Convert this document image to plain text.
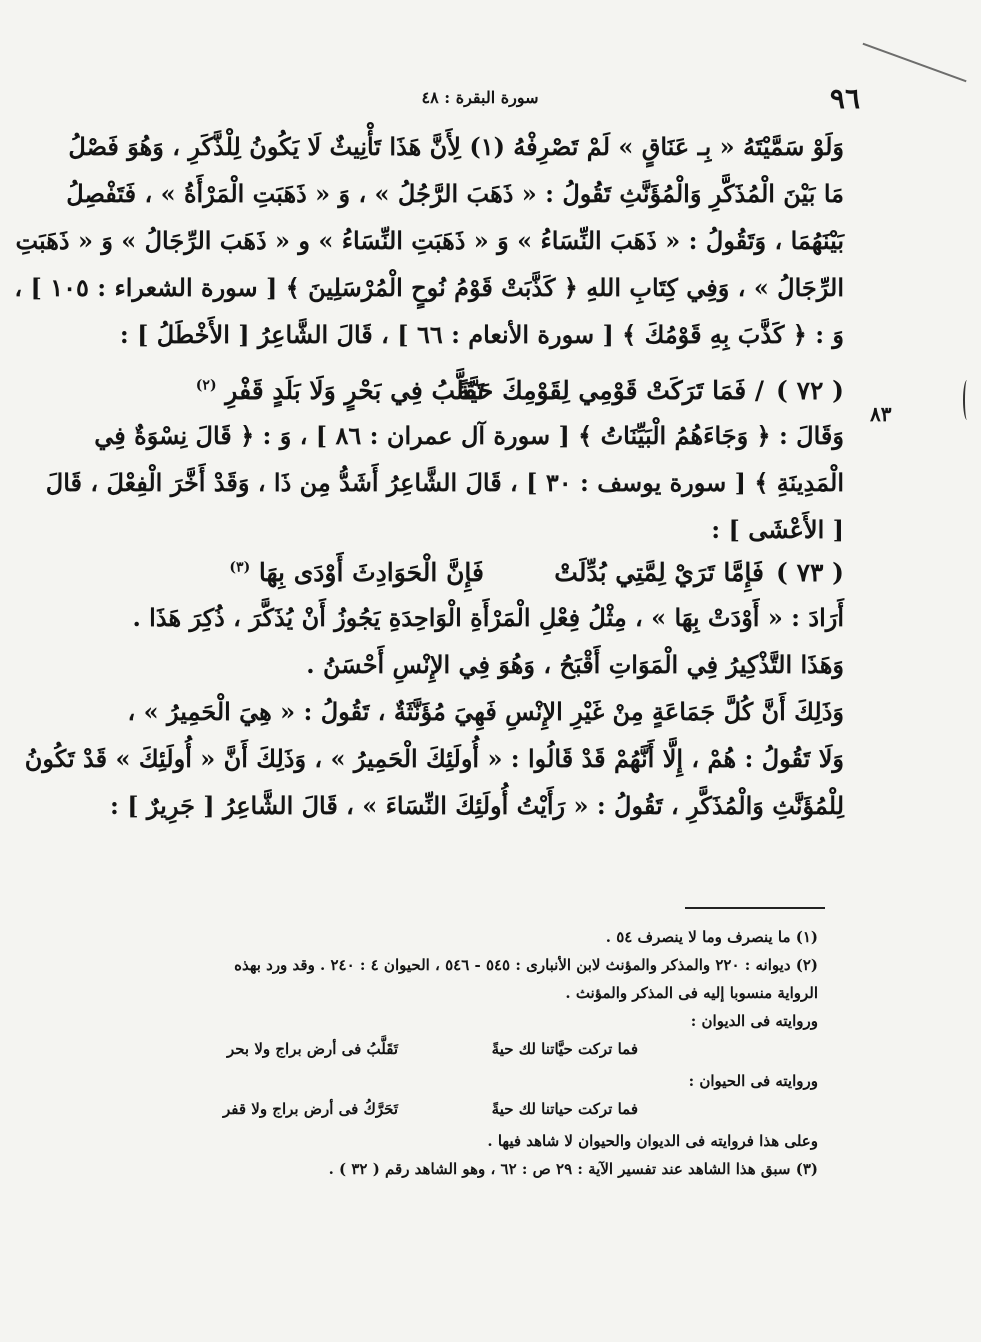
٩٦
سورة البقرة : ٤٨
٨٣
وَلَوْ سَمَّيْتَهُ « بِـ عَنَاقٍ » لَمْ تَصْرِفْهُ (١) لِأَنَّ هَذَا تَأْنِيثٌ لَا يَكُونُ لِلْذَّكَرِ ، وَهُوَ فَصْلُ
مَا بَيْنَ الْمُذَكَّرِ وَالْمُؤَنَّثِ تَقُولُ : « ذَهَبَ الرَّجُلُ » ، وَ « ذَهَبَتِ الْمَرْأَةُ » ، فَتَفْصِلُ
بَيْنَهُمَا ، وَتَقُولُ : « ذَهَبَ النِّسَاءُ » وَ « ذَهَبَتِ النِّسَاءُ » و « ذَهَبَ الرِّجَالُ » وَ « ذَهَبَتِ
الرِّجَالُ » ، وَفِي كِتَابِ اللهِ ﴿ كَذَّبَتْ قَوْمُ نُوحٍ الْمُرْسَلِينَ ﴾ [ سورة الشعراء : ١٠٥ ] ،
وَ : ﴿ كَذَّبَ بِهِ قَوْمُكَ ﴾ [ سورة الأنعام : ٦٦ ] ، قَالَ الشَّاعِرُ [ الأَخْطَلُ ] :
( ٧٢ )
/ فَمَا تَرَكَتْ قَوْمِي لِقَوْمِكَ حَيَّةً
تَقَلَّبُ فِي بَحْرٍ وَلَا بَلَدٍ قَفْرِ $^{(٢)}$
وَقَالَ : ﴿ وَجَاءَهُمُ الْبَيِّنَاتُ ﴾ [ سورة آل عمران : ٨٦ ] ، وَ : ﴿ قَالَ نِسْوَةٌ فِي
الْمَدِينَةِ ﴾ [ سورة يوسف : ٣٠ ] ، قَالَ الشَّاعِرُ أَشَدُّ مِن ذَا ، وَقَدْ أَخَّرَ الْفِعْلَ ، قَالَ
[ الأَعْشَى ] :
( ٧٣ )
فَإِمَّا تَرَيْ لِمَّتِي بُدِّلَتْ
فَإِنَّ الْحَوَادِثَ أَوْدَى بِهَا $^{(٣)}$
أَرَادَ : « أَوْدَتْ بِهَا » ، مِثْلُ فِعْلِ الْمَرْأَةِ الْوَاحِدَةِ يَجُوزُ أَنْ يُذَكَّرَ ، ذُكِرَ هَذَا .
وَهَذَا التَّذْكِيرُ فِي الْمَوَاتِ أَقْبَحُ ، وَهُوَ فِي الإِنْسِ أَحْسَنُ .
وَذَلِكَ أَنَّ كُلَّ جَمَاعَةٍ مِنْ غَيْرِ الإِنْسِ فَهِيَ مُؤَنَّثَةٌ ، تَقُولُ : « هِيَ الْحَمِيرُ » ،
وَلَا تَقُولُ : هُمْ ، إِلَّا أَنَّهُمْ قَدْ قَالُوا : « أُولَئِكَ الْحَمِيرُ » ، وَذَلِكَ أَنَّ « أُولَئِكَ » قَدْ تَكُونُ
لِلْمُؤَنَّثِ وَالْمُذَكَّرِ ، تَقُولُ : « رَأَيْتُ أُولَئِكَ النِّسَاءَ » ، قَالَ الشَّاعِرُ [ جَرِيرٌ ] :
(١) ما ينصرف وما لا ينصرف ٥٤ .
(٢) ديوانه : ٢٢٠ والمذكر والمؤنث لابن الأنبارى : ٥٤٥ - ٥٤٦ ، الحيوان ٤ : ٢٤٠ . وقد ورد بهذه
الرواية منسوبا إليه فى المذكر والمؤنث .
وروايته فى الديوان :
فما تركت حيَّاتنا لك حيةً
تَقَلَّبُ فى أرض براج ولا بحر
وروايته فى الحيوان :
فما تركت حياتنا لك حيةً
تَحَرَّكُ فى أرض براج ولا قفر
وعلى هذا فروايته فى الديوان والحيوان لا شاهد فيها .
(٣) سبق هذا الشاهد عند تفسير الآية : ٢٩ ص : ٦٢ ، وهو الشاهد رقم ( ٣٢ ) .
